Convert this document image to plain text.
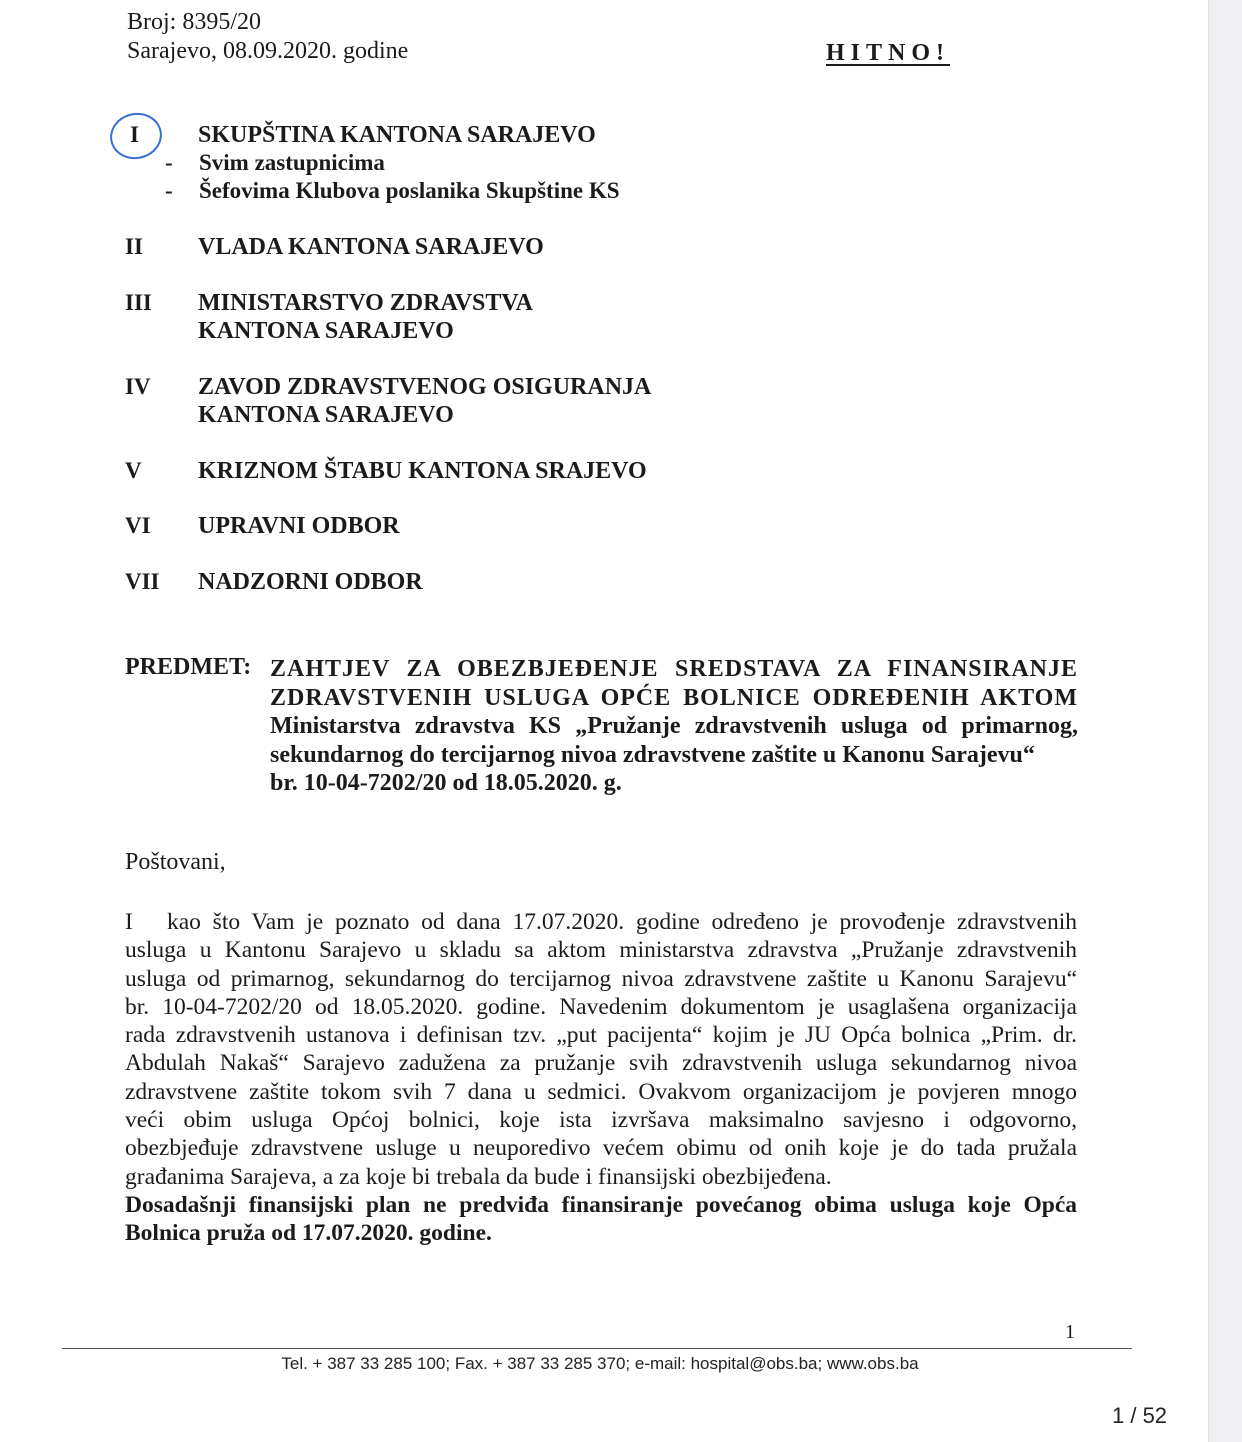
Broj: 8395/20
Sarajevo, 08.09.2020. godine	HITNO!
I	SKUPŠTINA KANTONA SARAJEVO
- Svim zastupnicima
- Šefovima Klubova poslanika Skupštine KS
II	VLADA KANTONA SARAJEVO
III	MINISTARSTVO ZDRAVSTVA
KANTONA SARAJEVO
IV	ZAVOD ZDRAVSTVENOG OSIGURANJA
KANTONA SARAJEVO
V	KRIZNOM ŠTABU KANTONA SRAJEVO
VI	UPRAVNI ODBOR
VII	NADZORNI ODBOR
PREDMET: ZAHTJEV ZA OBEZBJEĐENJE SREDSTAVA ZA FINANSIRANJE
ZDRAVSTVENIH USLUGA OPĆE BOLNICE ODREĐENIH AKTOM
Ministarstva zdravstva KS „Pružanje zdravstvenih usluga od primarnog,
sekundarnog do tercijarnog nivoa zdravstvene zaštite u Kanonu Sarajevu“
br. 10-04-7202/20 od 18.05.2020. g.
Poštovani,
I kao što Vam je poznato od dana 17.07.2020. godine određeno je provođenje zdravstvenih
usluga u Kantonu Sarajevo u skladu sa aktom ministarstva zdravstva „Pružanje zdravstvenih
usluga od primarnog, sekundarnog do tercijarnog nivoa zdravstvene zaštite u Kanonu Sarajevu“
br. 10-04-7202/20 od 18.05.2020. godine. Navedenim dokumentom je usaglašena organizacija
rada zdravstvenih ustanova i definisan tzv. „put pacijenta“ kojim je JU Opća bolnica „Prim. dr.
Abdulah Nakaš“ Sarajevo zadužena za pružanje svih zdravstvenih usluga sekundarnog nivoa
zdravstvene zaštite tokom svih 7 dana u sedmici. Ovakvom organizacijom je povjeren mnogo
veći obim usluga Općoj bolnici, koje ista izvršava maksimalno savjesno i odgovorno,
obezbjeđuje zdravstvene usluge u neuporedivo većem obimu od onih koje je do tada pružala
građanima Sarajeva, a za koje bi trebala da bude i finansijski obezbijeđena.
Dosadašnji finansijski plan ne predviđa finansiranje povećanog obima usluga koje Opća
Bolnica pruža od 17.07.2020. godine.
1
Tel. + 387 33 285 100; Fax. + 387 33 285 370; e-mail: hospital@obs.ba; www.obs.ba
1 / 52
